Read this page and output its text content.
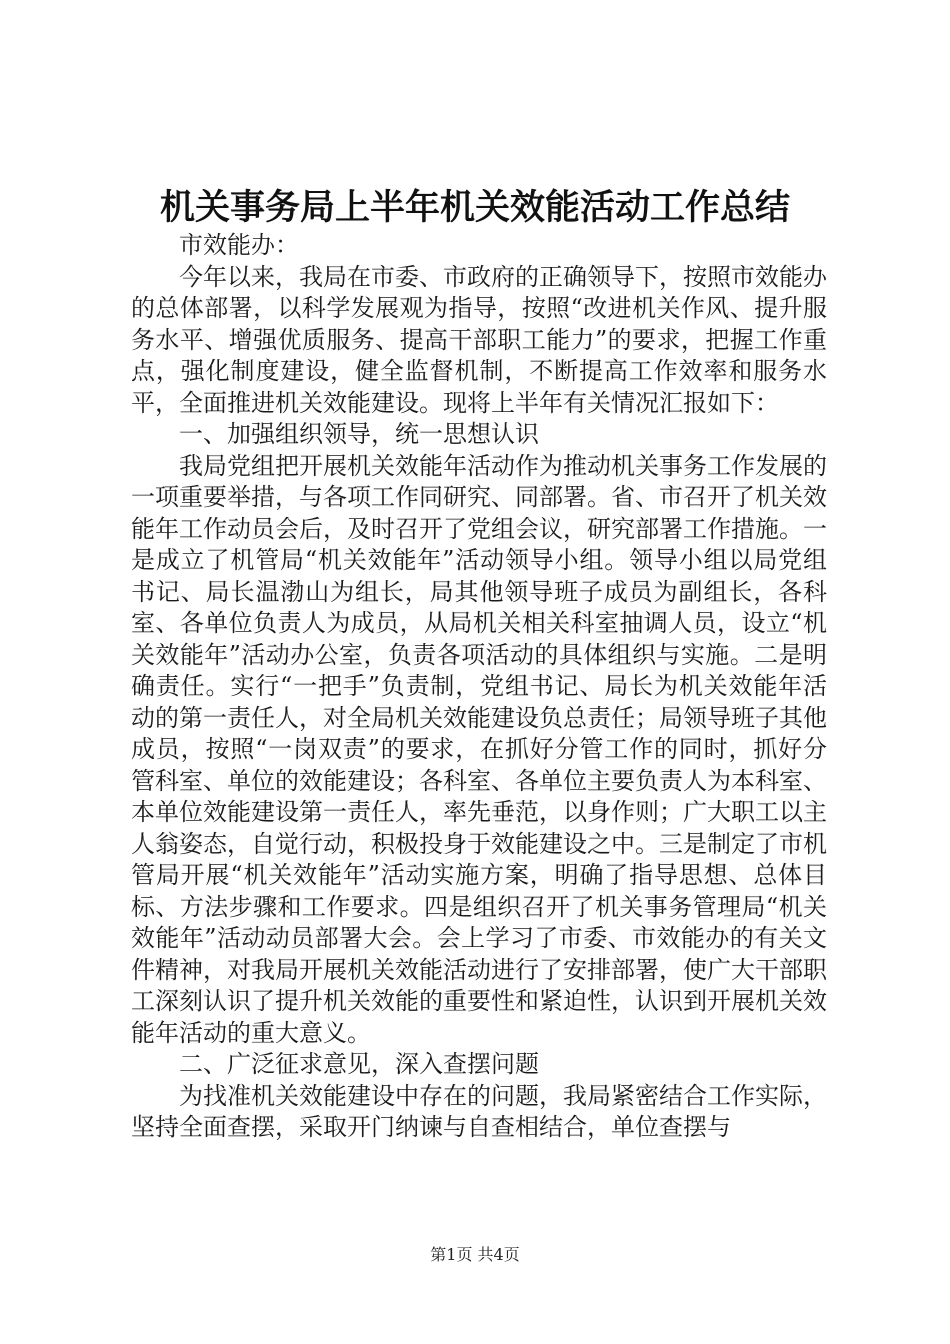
机关事务局上半年机关效能活动工作总结

市效能办：

今年以来，我局在市委、市政府的正确领导下，按照市效能办的总体部署，以科学发展观为指导，按照“改进机关作风、提升服务水平、增强优质服务、提高干部职工能力”的要求，把握工作重点，强化制度建设，健全监督机制，不断提高工作效率和服务水平，全面推进机关效能建设。现将上半年有关情况汇报如下：

一、加强组织领导，统一思想认识

我局党组把开展机关效能年活动作为推动机关事务工作发展的一项重要举措，与各项工作同研究、同部署。省、市召开了机关效能年工作动员会后，及时召开了党组会议，研究部署工作措施。一是成立了机管局“机关效能年”活动领导小组。领导小组以局党组书记、局长温渤山为组长，局其他领导班子成员为副组长，各科室、各单位负责人为成员，从局机关相关科室抽调人员，设立“机关效能年”活动办公室，负责各项活动的具体组织与实施。二是明确责任。实行“一把手”负责制，党组书记、局长为机关效能年活动的第一责任人，对全局机关效能建设负总责任；局领导班子其他成员，按照“一岗双责”的要求，在抓好分管工作的同时，抓好分管科室、单位的效能建设；各科室、各单位主要负责人为本科室、本单位效能建设第一责任人，率先垂范，以身作则；广大职工以主人翁姿态，自觉行动，积极投身于效能建设之中。三是制定了市机管局开展“机关效能年”活动实施方案，明确了指导思想、总体目标、方法步骤和工作要求。四是组织召开了机关事务管理局“机关效能年”活动动员部署大会。会上学习了市委、市效能办的有关文件精神，对我局开展机关效能活动进行了安排部署，使广大干部职工深刻认识了提升机关效能的重要性和紧迫性，认识到开展机关效能年活动的重大意义。

二、广泛征求意见，深入查摆问题

为找准机关效能建设中存在的问题，我局紧密结合工作实际，坚持全面查摆，采取开门纳谏与自查相结合，单位查摆与

第1页 共4页
